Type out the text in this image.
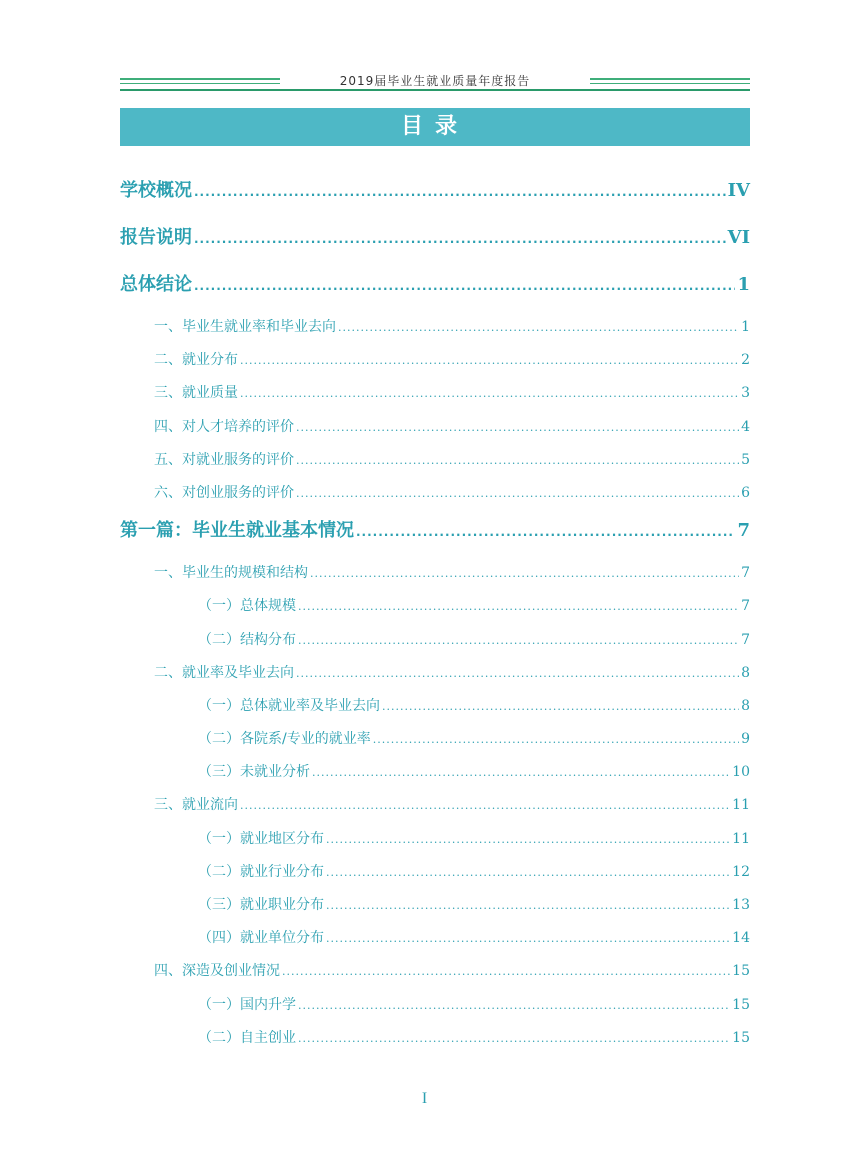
2019届毕业生就业质量年度报告
目录
学校概况 .....	IV
报告说明 .....	VI
总体结论 .....	1
一、毕业生就业率和毕业去向 .....	1
二、就业分布 .....	2
三、就业质量 .....	3
四、对人才培养的评价 .....	4
五、对就业服务的评价 .....	5
六、对创业服务的评价 .....	6
第一篇：毕业生就业基本情况 .....	7
一、毕业生的规模和结构 .....	7
（一）总体规模 .....	7
（二）结构分布 .....	7
二、就业率及毕业去向 .....	8
（一）总体就业率及毕业去向 .....	8
（二）各院系/专业的就业率 .....	9
（三）未就业分析 .....	10
三、就业流向 .....	11
（一）就业地区分布 .....	11
（二）就业行业分布 .....	12
（三）就业职业分布 .....	13
（四）就业单位分布 .....	14
四、深造及创业情况 .....	15
（一）国内升学 .....	15
（二）自主创业 .....	15
I
